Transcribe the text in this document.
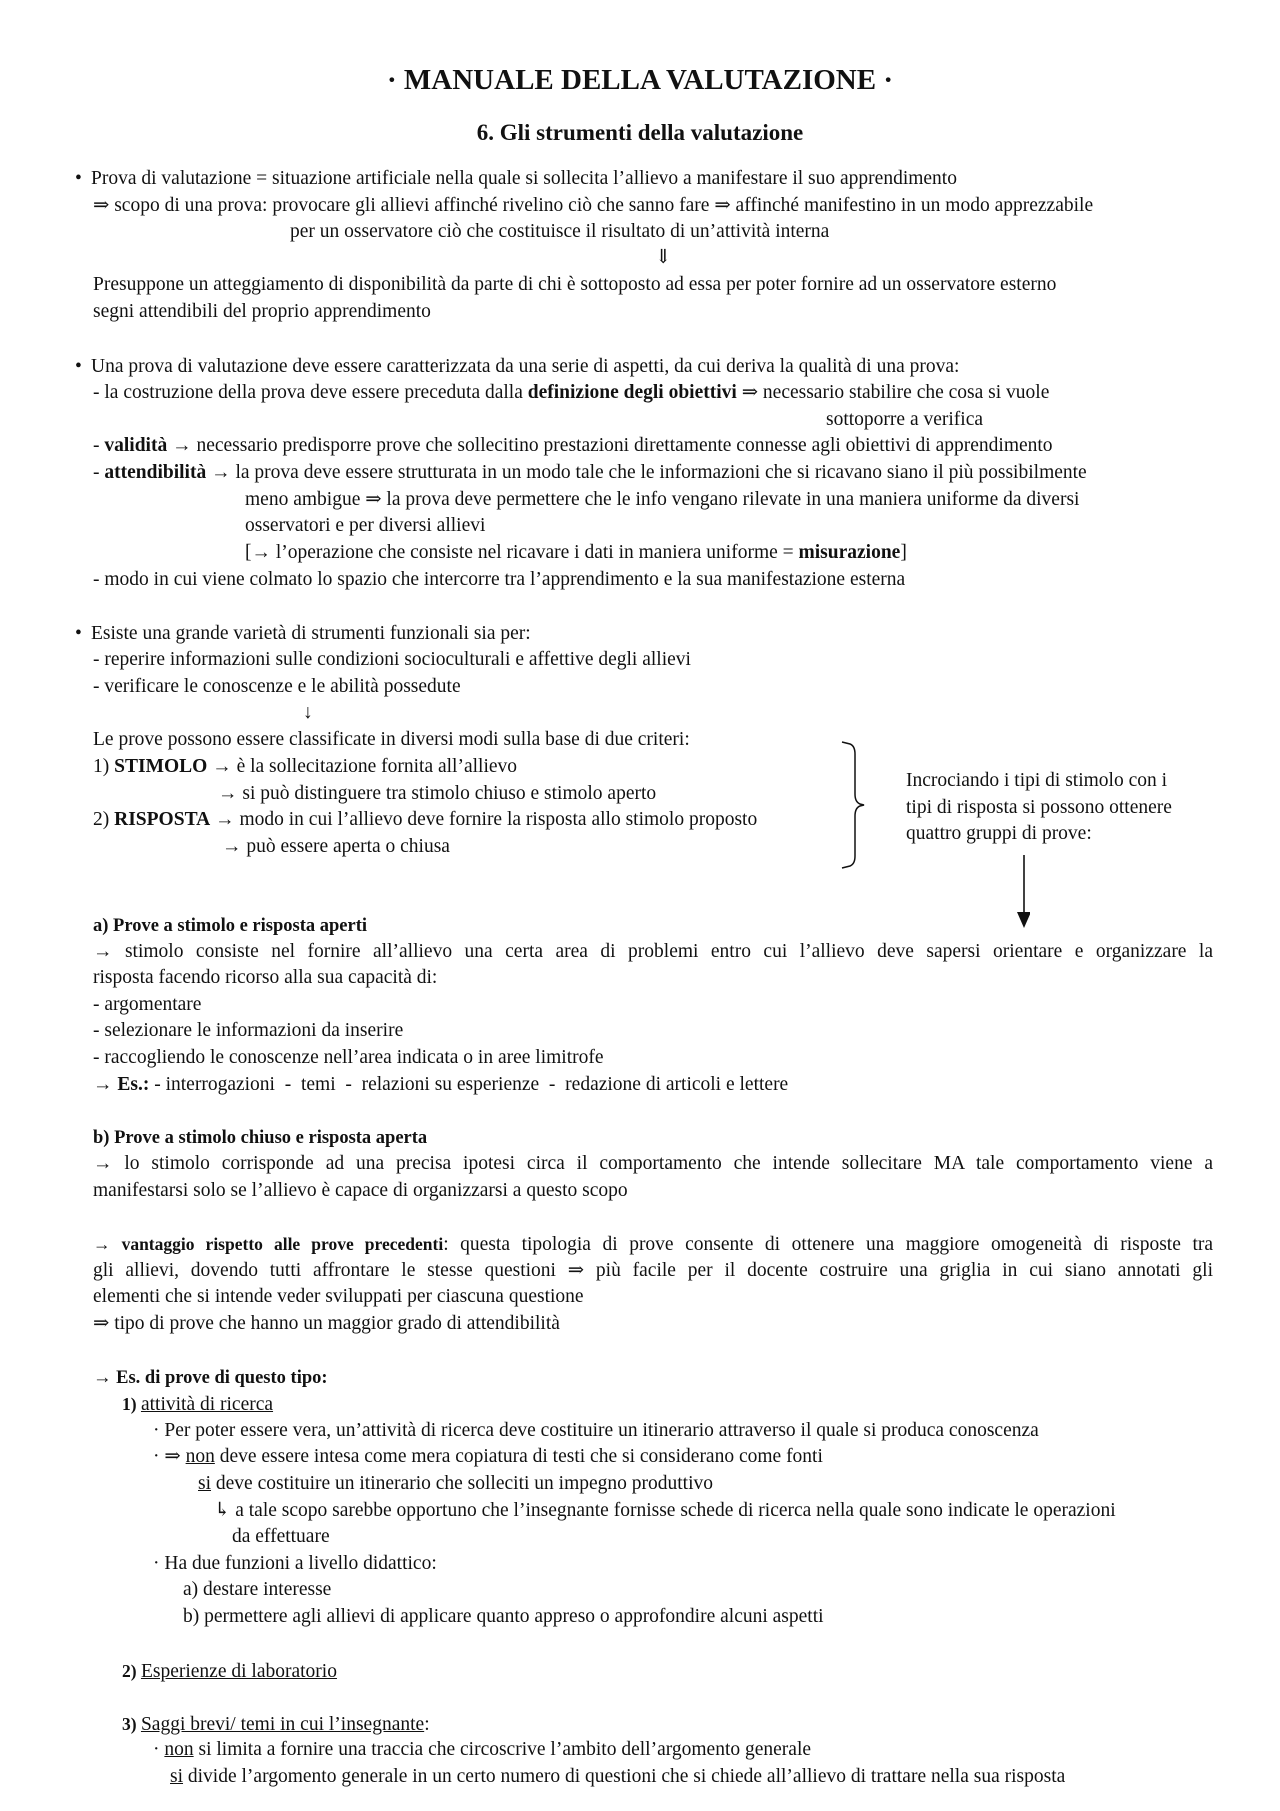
· MANUALE DELLA VALUTAZIONE ·
6. Gli strumenti della valutazione
• Prova di valutazione = situazione artificiale nella quale si sollecita l’allievo a manifestare il suo apprendimento
⇒ scopo di una prova: provocare gli allievi affinché rivelino ciò che sanno fare ⇒ affinché manifestino in un modo apprezzabile
per un osservatore ciò che costituisce il risultato di un’attività interna
⇓
Presuppone un atteggiamento di disponibilità da parte di chi è sottoposto ad essa per poter fornire ad un osservatore esterno
segni attendibili del proprio apprendimento
• Una prova di valutazione deve essere caratterizzata da una serie di aspetti, da cui deriva la qualità di una prova:
- la costruzione della prova deve essere preceduta dalla definizione degli obiettivi ⇒ necessario stabilire che cosa si vuole
sottoporre a verifica
- validità → necessario predisporre prove che sollecitino prestazioni direttamente connesse agli obiettivi di apprendimento
- attendibilità → la prova deve essere strutturata in un modo tale che le informazioni che si ricavano siano il più possibilmente
meno ambigue ⇒ la prova deve permettere che le info vengano rilevate in una maniera uniforme da diversi
osservatori e per diversi allievi
[→ l’operazione che consiste nel ricavare i dati in maniera uniforme = misurazione]
- modo in cui viene colmato lo spazio che intercorre tra l’apprendimento e la sua manifestazione esterna
• Esiste una grande varietà di strumenti funzionali sia per:
- reperire informazioni sulle condizioni socioculturali e affettive degli allievi
- verificare le conoscenze e le abilità possedute
↓
Le prove possono essere classificate in diversi modi sulla base di due criteri:
1) STIMOLO → è la sollecitazione fornita all’allievo
→ si può distinguere tra stimolo chiuso e stimolo aperto
2) RISPOSTA → modo in cui l’allievo deve fornire la risposta allo stimolo proposto
→ può essere aperta o chiusa
Incrociando i tipi di stimolo con i
tipi di risposta si possono ottenere
quattro gruppi di prove:
a) Prove a stimolo e risposta aperti
→ stimolo consiste nel fornire all’allievo una certa area di problemi entro cui l’allievo deve sapersi orientare e organizzare la
risposta facendo ricorso alla sua capacità di:
- argomentare
- selezionare le informazioni da inserire
- raccogliendo le conoscenze nell’area indicata o in aree limitrofe
→ Es.: - interrogazioni  -  temi  -  relazioni su esperienze  -  redazione di articoli e lettere
b) Prove a stimolo chiuso e risposta aperta
→ lo stimolo corrisponde ad una precisa ipotesi circa il comportamento che intende sollecitare MA tale comportamento viene a
manifestarsi solo se l’allievo è capace di organizzarsi a questo scopo
→ vantaggio rispetto alle prove precedenti: questa tipologia di prove consente di ottenere una maggiore omogeneità di risposte tra
gli allievi, dovendo tutti affrontare le stesse questioni ⇒ più facile per il docente costruire una griglia in cui siano annotati gli
elementi che si intende veder sviluppati per ciascuna questione
⇒ tipo di prove che hanno un maggior grado di attendibilità
→ Es. di prove di questo tipo:
1) attività di ricerca
· Per poter essere vera, un’attività di ricerca deve costituire un itinerario attraverso il quale si produca conoscenza
· ⇒ non deve essere intesa come mera copiatura di testi che si considerano come fonti
si deve costituire un itinerario che solleciti un impegno produttivo
↳ a tale scopo sarebbe opportuno che l’insegnante fornisse schede di ricerca nella quale sono indicate le operazioni
da effettuare
· Ha due funzioni a livello didattico:
a) destare interesse
b) permettere agli allievi di applicare quanto appreso o approfondire alcuni aspetti
2) Esperienze di laboratorio
3) Saggi brevi/ temi in cui l’insegnante:
· non si limita a fornire una traccia che circoscrive l’ambito dell’argomento generale
si divide l’argomento generale in un certo numero di questioni che si chiede all’allievo di trattare nella sua risposta
